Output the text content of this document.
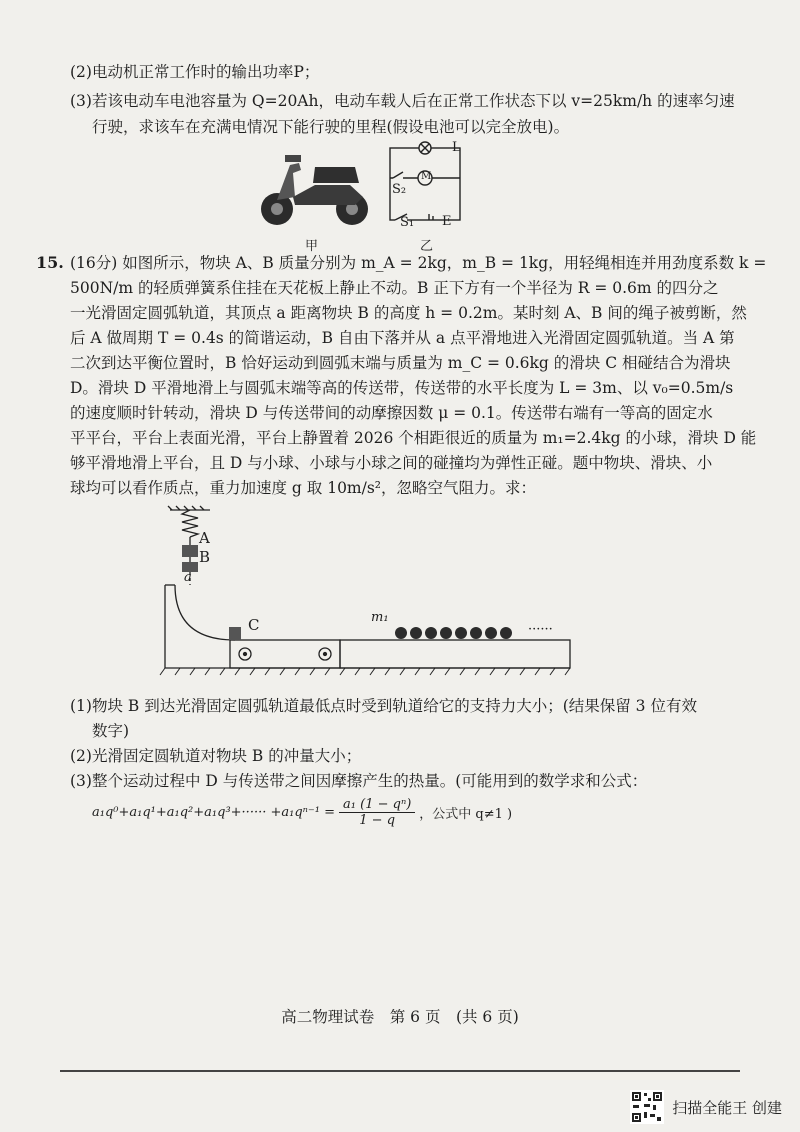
(2)电动机正常工作时的输出功率P；
(3)若该电动车电池容量为 Q=20Ah，电动车载人后在正常工作状态下以 v=25km/h 的速率匀速
行驶，求该车在充满电情况下能行驶的里程(假设电池可以完全放电)。
甲
L
M
S₂
S₁ E
乙
15. (16分) 如图所示，物块 A、B 质量分别为 m_A = 2kg，m_B = 1kg，用轻绳相连并用劲度系数 k =
500N/m 的轻质弹簧系住挂在天花板上静止不动。B 正下方有一个半径为 R = 0.6m 的四分之
一光滑固定圆弧轨道，其顶点 a 距离物块 B 的高度 h = 0.2m。某时刻 A、B 间的绳子被剪断，然
后 A 做周期 T = 0.4s 的简谐运动，B 自由下落并从 a 点平滑地进入光滑固定圆弧轨道。当 A 第
二次到达平衡位置时，B 恰好运动到圆弧末端与质量为 m_C = 0.6kg 的滑块 C 相碰结合为滑块
D。滑块 D 平滑地滑上与圆弧末端等高的传送带，传送带的水平长度为 L = 3m、以 v₀=0.5m/s
的速度顺时针转动，滑块 D 与传送带间的动摩擦因数 μ = 0.1。传送带右端有一等高的固定水
平平台，平台上表面光滑，平台上静置着 2026 个相距很近的质量为 m₁=2.4kg 的小球，滑块 D 能
够平滑地滑上平台，且 D 与小球、小球与小球之间的碰撞均为弹性正碰。题中物块、滑块、小
球均可以看作质点，重力加速度 g 取 10m/s²，忽略空气阻力。求：
A
B
a
C	m₁
······
(1)物块 B 到达光滑固定圆弧轨道最低点时受到轨道给它的支持力大小；(结果保留 3 位有效
数字)
(2)光滑固定圆轨道对物块 B 的冲量大小；
(3)整个运动过程中 D 与传送带之间因摩擦产生的热量。(可能用到的数学求和公式：
$a_1q^0+a_1q^1+a_1q^2+a_1q^3+\cdot\cdot\cdot\cdot\cdot\cdot +a_1q^{n-1} = \frac{\text{a₁ (1 − qⁿ)}}{1 - q}$ ，公式中 q≠1 )
高二物理试卷　第 6 页　(共 6 页)
扫描全能王 创建
